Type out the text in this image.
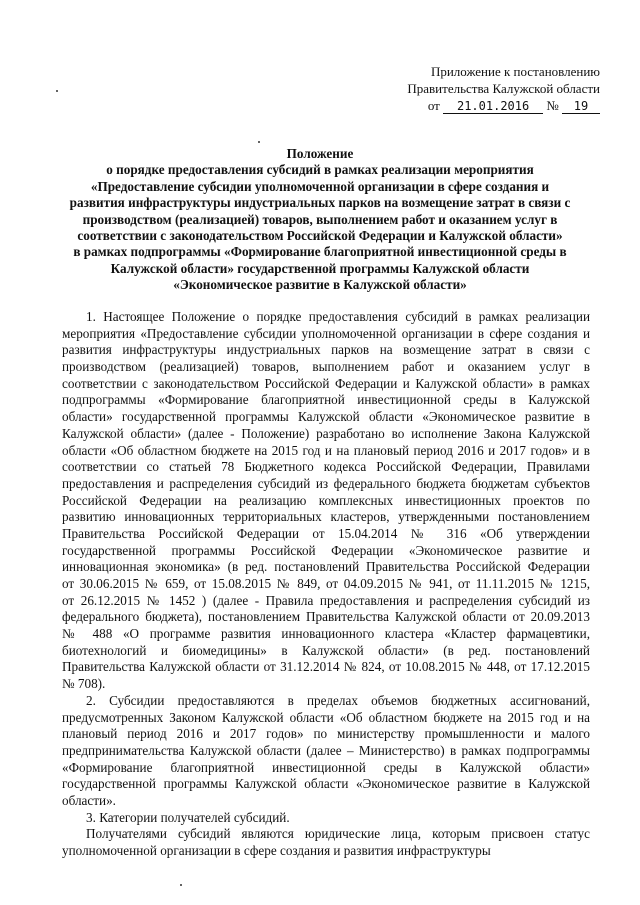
Приложение к постановлению
Правительства Калужской области
от 21.01.2016 № 19
Положение
о порядке предоставления субсидий в рамках реализации мероприятия
«Предоставление субсидии уполномоченной организации в сфере создания и
развития инфраструктуры индустриальных парков на возмещение затрат в связи с
производством (реализацией) товаров, выполнением работ и оказанием услуг в
соответствии с законодательством Российской Федерации и Калужской области»
в рамках подпрограммы «Формирование благоприятной инвестиционной среды в
Калужской области» государственной программы Калужской области
«Экономическое развитие в Калужской области»
1. Настоящее Положение о порядке предоставления субсидий в рамках реализации
мероприятия «Предоставление субсидии уполномоченной организации в сфере создания и
развития инфраструктуры индустриальных парков на возмещение затрат в связи с
производством (реализацией) товаров, выполнением работ и оказанием услуг в
соответствии с законодательством Российской Федерации и Калужской области» в рамках
подпрограммы «Формирование благоприятной инвестиционной среды в Калужской
области» государственной программы Калужской области «Экономическое развитие в
Калужской области» (далее - Положение) разработано во исполнение Закона Калужской
области «Об областном бюджете на 2015 год и на плановый период 2016 и 2017 годов» и в
соответствии со статьей 78 Бюджетного кодекса Российской Федерации, Правилами
предоставления и распределения субсидий из федерального бюджета бюджетам субъектов
Российской Федерации на реализацию комплексных инвестиционных проектов по
развитию инновационных территориальных кластеров, утвержденными постановлением
Правительства Российской Федерации от 15.04.2014 № 316 «Об утверждении
государственной программы Российской Федерации «Экономическое развитие и
инновационная экономика» (в ред. постановлений Правительства Российской Федерации
от 30.06.2015 № 659, от 15.08.2015 № 849, от 04.09.2015 № 941, от 11.11.2015 № 1215,
от 26.12.2015 № 1452 ) (далее - Правила предоставления и распределения субсидий из
федерального бюджета), постановлением Правительства Калужской области от 20.09.2013
№ 488 «О программе развития инновационного кластера «Кластер фармацевтики,
биотехнологий и биомедицины» в Калужской области» (в ред. постановлений
Правительства Калужской области от 31.12.2014 № 824, от 10.08.2015 № 448, от 17.12.2015
№ 708).
2. Субсидии предоставляются в пределах объемов бюджетных ассигнований,
предусмотренных Законом Калужской области «Об областном бюджете на 2015 год и на
плановый период 2016 и 2017 годов» по министерству промышленности и малого
предпринимательства Калужской области (далее – Министерство) в рамках подпрограммы
«Формирование благоприятной инвестиционной среды в Калужской области»
государственной программы Калужской области «Экономическое развитие в Калужской
области».
3. Категории получателей субсидий.
Получателями субсидий являются юридические лица, которым присвоен статус
уполномоченной организации в сфере создания и развития инфраструктуры
